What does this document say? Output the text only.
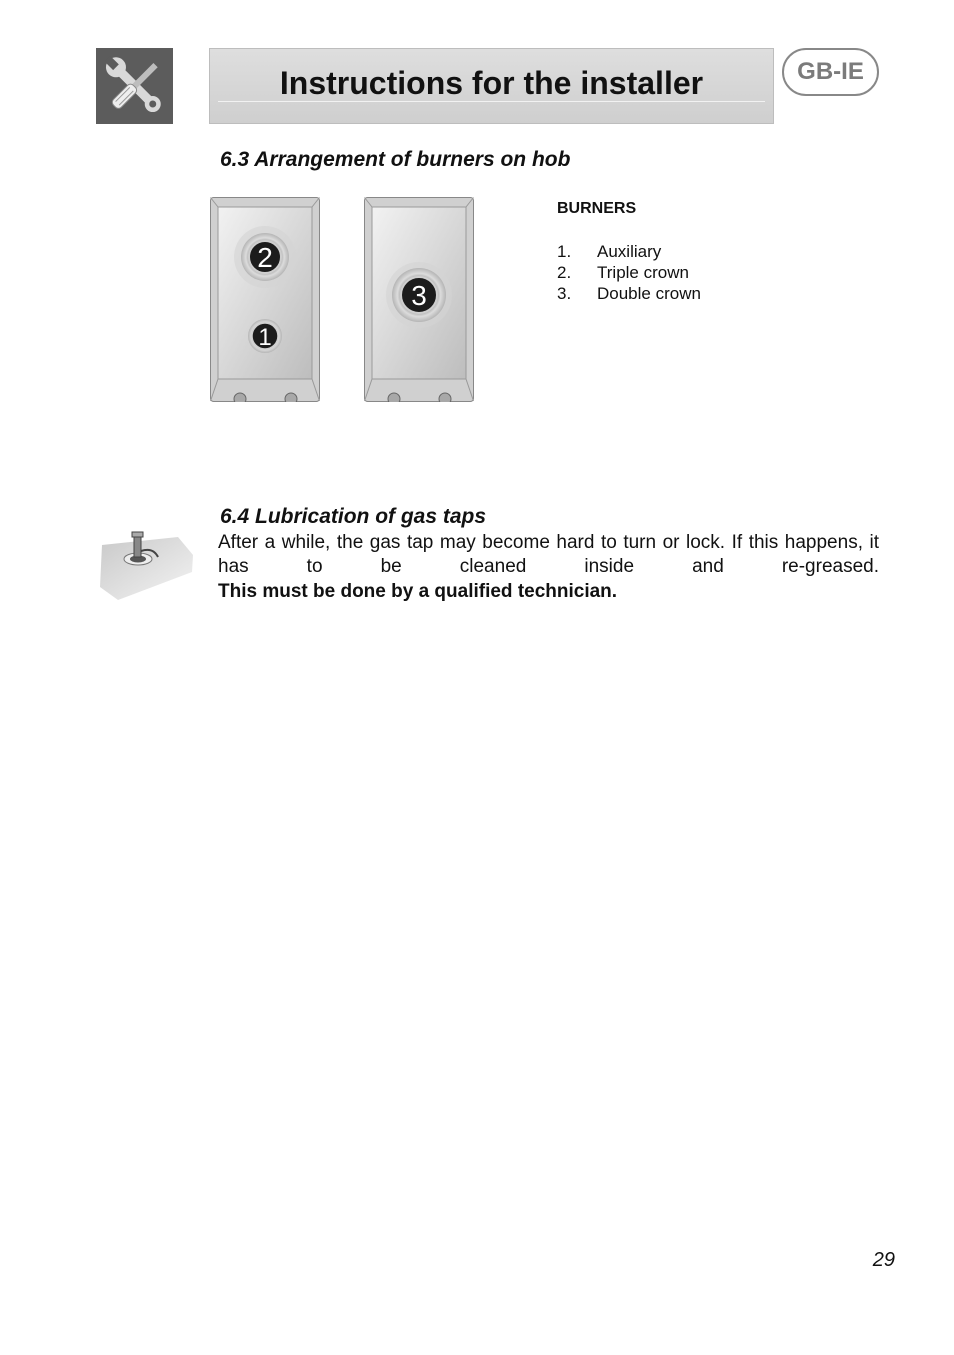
Instructions for the installer	GB-IE
6.3 Arrangement of burners on hob
2
1
3
BURNERS
1.	Auxiliary
2.	Triple crown
3.	Double crown
6.4 Lubrication of gas taps
After a while, the gas tap may become hard to turn or lock. If this happens, it has to be cleaned inside and re-greased.
This must be done by a qualified technician.
29
